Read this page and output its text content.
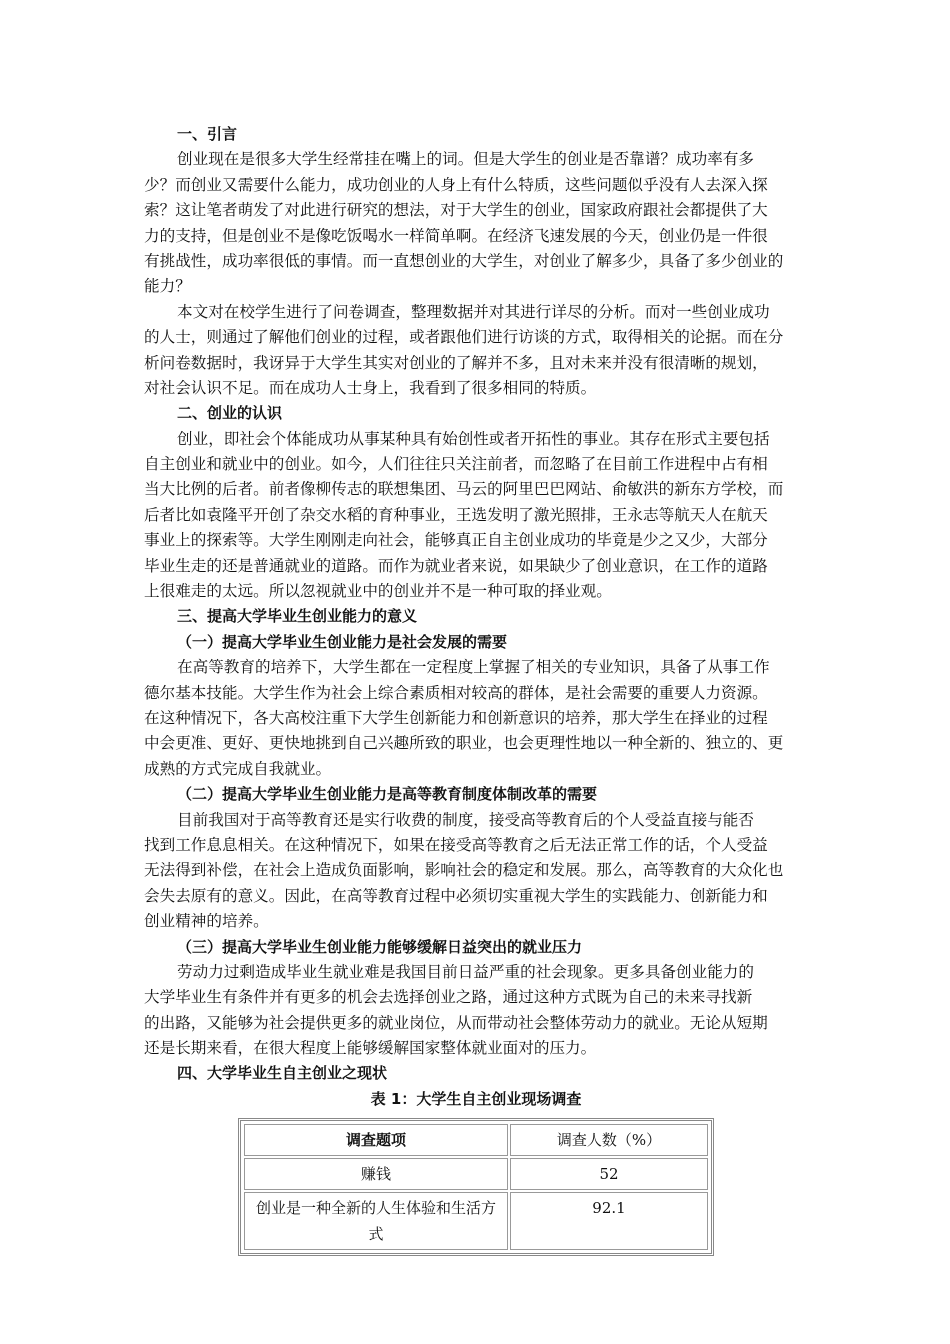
一、引言
创业现在是很多大学生经常挂在嘴上的词。但是大学生的创业是否靠谱？成功率有多
少？而创业又需要什么能力，成功创业的人身上有什么特质，这些问题似乎没有人去深入探
索？这让笔者萌发了对此进行研究的想法，对于大学生的创业，国家政府跟社会都提供了大
力的支持，但是创业不是像吃饭喝水一样简单啊。在经济飞速发展的今天，创业仍是一件很
有挑战性，成功率很低的事情。而一直想创业的大学生，对创业了解多少，具备了多少创业的
能力？
本文对在校学生进行了问卷调查，整理数据并对其进行详尽的分析。而对一些创业成功
的人士，则通过了解他们创业的过程，或者跟他们进行访谈的方式，取得相关的论据。而在分
析问卷数据时，我讶异于大学生其实对创业的了解并不多，且对未来并没有很清晰的规划，
对社会认识不足。而在成功人士身上，我看到了很多相同的特质。
二、创业的认识
创业，即社会个体能成功从事某种具有始创性或者开拓性的事业。其存在形式主要包括
自主创业和就业中的创业。如今，人们往往只关注前者，而忽略了在目前工作进程中占有相
当大比例的后者。前者像柳传志的联想集团、马云的阿里巴巴网站、俞敏洪的新东方学校，而
后者比如袁隆平开创了杂交水稻的育种事业，王选发明了激光照排，王永志等航天人在航天
事业上的探索等。大学生刚刚走向社会，能够真正自主创业成功的毕竟是少之又少，大部分
毕业生走的还是普通就业的道路。而作为就业者来说，如果缺少了创业意识，在工作的道路
上很难走的太远。所以忽视就业中的创业并不是一种可取的择业观。
三、提高大学毕业生创业能力的意义
（一）提高大学毕业生创业能力是社会发展的需要
在高等教育的培养下，大学生都在一定程度上掌握了相关的专业知识，具备了从事工作
德尔基本技能。大学生作为社会上综合素质相对较高的群体，是社会需要的重要人力资源。
在这种情况下，各大高校注重下大学生创新能力和创新意识的培养，那大学生在择业的过程
中会更准、更好、更快地挑到自己兴趣所致的职业，也会更理性地以一种全新的、独立的、更
成熟的方式完成自我就业。
（二）提高大学毕业生创业能力是高等教育制度体制改革的需要
目前我国对于高等教育还是实行收费的制度，接受高等教育后的个人受益直接与能否
找到工作息息相关。在这种情况下，如果在接受高等教育之后无法正常工作的话，个人受益
无法得到补偿，在社会上造成负面影响，影响社会的稳定和发展。那么，高等教育的大众化也
会失去原有的意义。因此，在高等教育过程中必须切实重视大学生的实践能力、创新能力和
创业精神的培养。
（三）提高大学毕业生创业能力能够缓解日益突出的就业压力
劳动力过剩造成毕业生就业难是我国目前日益严重的社会现象。更多具备创业能力的
大学毕业生有条件并有更多的机会去选择创业之路，通过这种方式既为自己的未来寻找新
的出路，又能够为社会提供更多的就业岗位，从而带动社会整体劳动力的就业。无论从短期
还是长期来看，在很大程度上能够缓解国家整体就业面对的压力。
四、大学毕业生自主创业之现状
表 1：大学生自主创业现场调查
调查题项	调查人数（%）
赚钱	52
创业是一种全新的人生体验和生活方式	92.1
